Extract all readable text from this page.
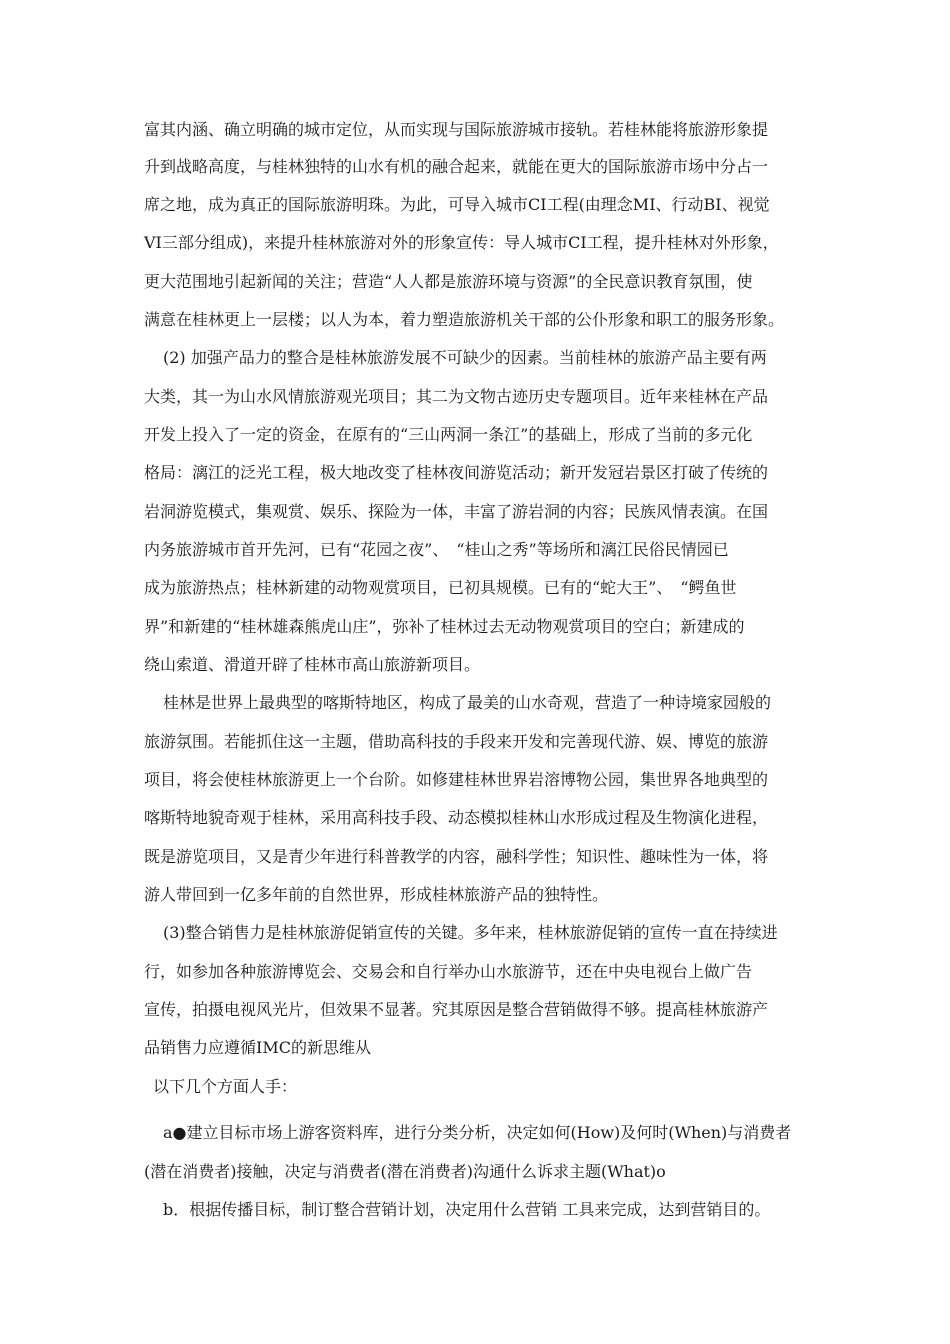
富其内涵、确立明确的城市定位，从而实现与国际旅游城市接轨。若桂林能将旅游形象提

升到战略高度，与桂林独特的山水有机的融合起来，就能在更大的国际旅游市场中分占一

席之地，成为真正的国际旅游明珠。为此，可导入城市CI工程(由理念MI、行动BI、视觉

VI三部分组成)，来提升桂林旅游对外的形象宣传：导人城市CI工程，提升桂林对外形象，

更大范围地引起新闻的关注；营造“人人都是旅游环境与资源”的全民意识教育氛围，使

满意在桂林更上一层楼；以人为本，着力塑造旅游机关干部的公仆形象和职工的服务形象。

(2) 加强产品力的整合是桂林旅游发展不可缺少的因素。当前桂林的旅游产品主要有两

大类，其一为山水风情旅游观光项目；其二为文物古迹历史专题项目。近年来桂林在产品

开发上投入了一定的资金，在原有的“三山两洞一条江”的基础上，形成了当前的多元化

格局：漓江的泛光工程，极大地改变了桂林夜间游览活动；新开发冠岩景区打破了传统的

岩洞游览模式，集观赏、娱乐、探险为一体，丰富了游岩洞的内容；民族风情表演。在国

内务旅游城市首开先河，已有“花园之夜”、　“桂山之秀”等场所和漓江民俗民情园已

成为旅游热点；桂林新建的动物观赏项目，已初具规模。已有的“蛇大王”、　“鳄鱼世

界”和新建的“桂林雄森熊虎山庄”，弥补了桂林过去无动物观赏项目的空白；新建成的

绕山索道、滑道开辟了桂林市高山旅游新项目。

桂林是世界上最典型的喀斯特地区，构成了最美的山水奇观，营造了一种诗境家园般的

旅游氛围。若能抓住这一主题，借助高科技的手段来开发和完善现代游、娱、博览的旅游

项目，将会使桂林旅游更上一个台阶。如修建桂林世界岩溶博物公园，集世界各地典型的

喀斯特地貌奇观于桂林，采用高科技手段、动态模拟桂林山水形成过程及生物演化进程，

既是游览项目，又是青少年进行科普教学的内容，融科学性；知识性、趣味性为一体，将

游人带回到一亿多年前的自然世界，形成桂林旅游产品的独特性。

(3)整合销售力是桂林旅游促销宣传的关键。多年来，桂林旅游促销的宣传一直在持续进

行，如参加各种旅游博览会、交易会和自行举办山水旅游节，还在中央电视台上做广告

宣传，拍摄电视风光片，但效果不显著。究其原因是整合营销做得不够。提高桂林旅游产

品销售力应遵循IMC的新思维从

以下几个方面人手：

a●建立目标市场上游客资料库，进行分类分析，决定如何(How)及何时(When)与消费者

(潜在消费者)接触，决定与消费者(潜在消费者)沟通什么诉求主题(What)o

b．根据传播目标，制订整合营销计划，决定用什么营销 工具来完成，达到营销目的。
